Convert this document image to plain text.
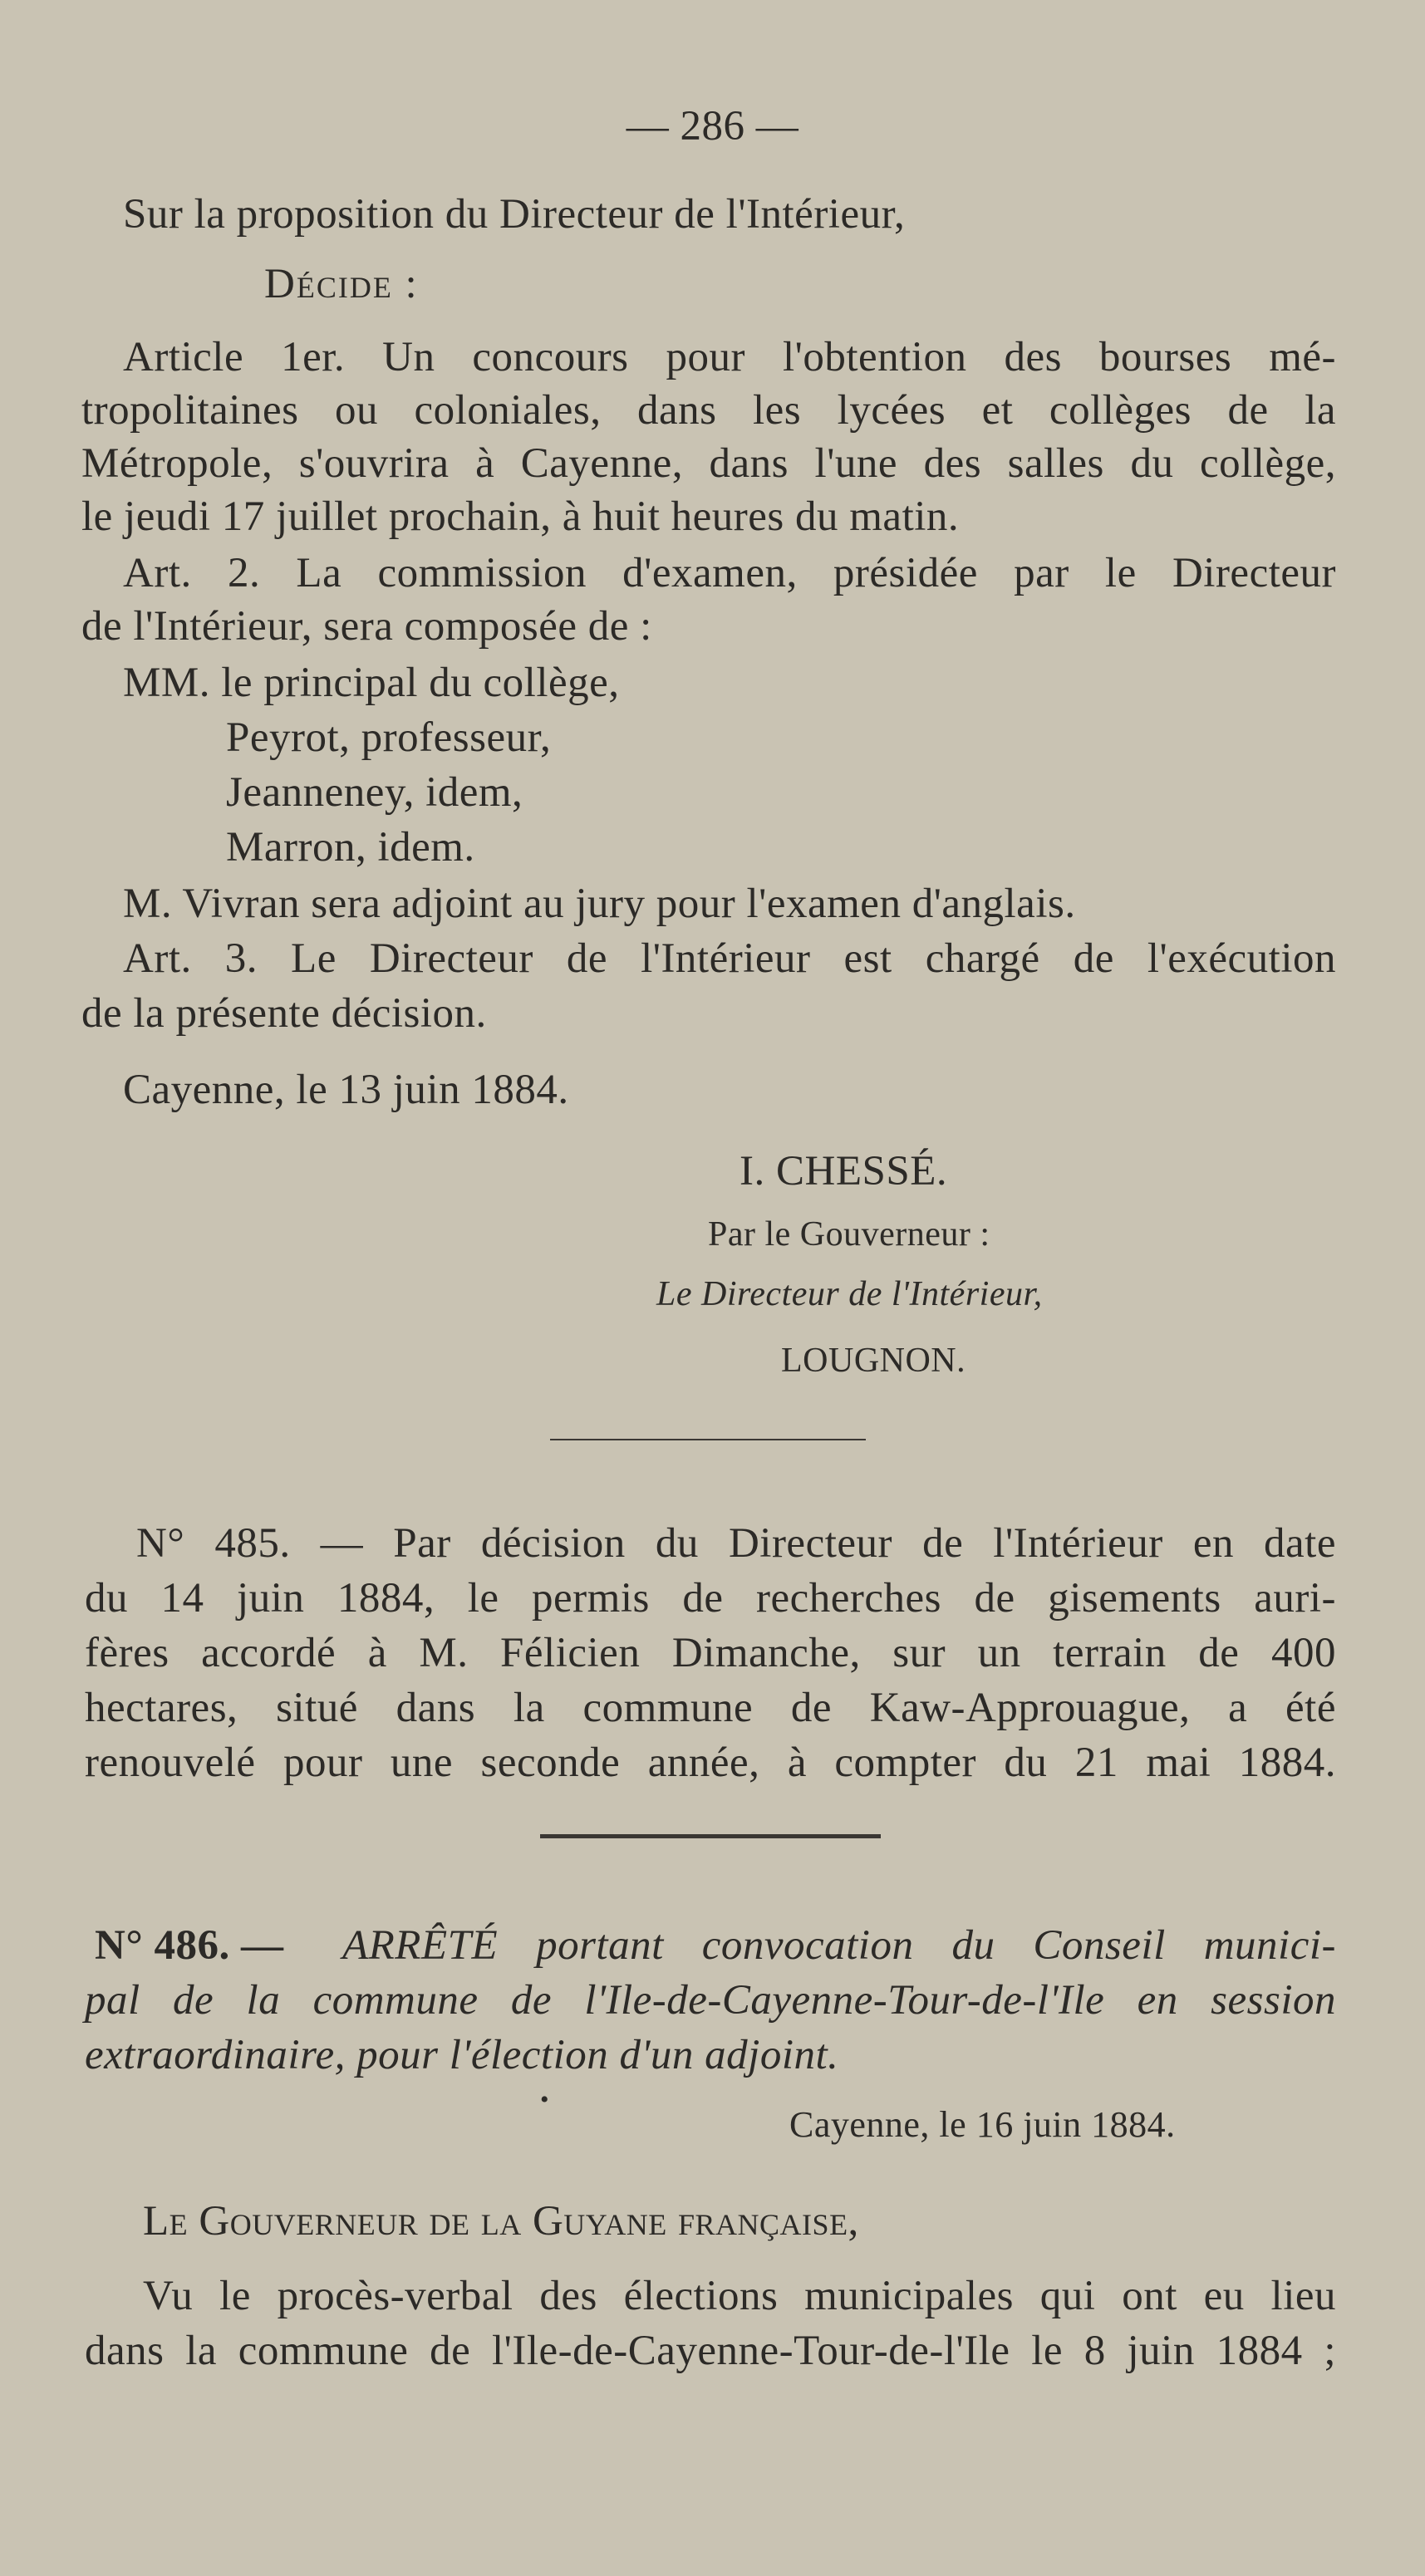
— 286 —
Sur la proposition du Directeur de l'Intérieur,
Décide :
Article 1er. Un concours pour l'obtention des bourses mé-
tropolitaines ou coloniales, dans les lycées et collèges de la
Métropole, s'ouvrira à Cayenne, dans l'une des salles du collège,
le jeudi 17 juillet prochain, à huit heures du matin.
Art. 2. La commission d'examen, présidée par le Directeur
de l'Intérieur, sera composée de :
MM. le principal du collège,
Peyrot, professeur,
Jeanneney, idem,
Marron, idem.
M. Vivran sera adjoint au jury pour l'examen d'anglais.
Art. 3. Le Directeur de l'Intérieur est chargé de l'exécution
de la présente décision.
Cayenne, le 13 juin 1884.
I. CHESSÉ.
Par le Gouverneur :
Le Directeur de l'Intérieur,
LOUGNON.
N° 485. — Par décision du Directeur de l'Intérieur en date
du 14 juin 1884, le permis de recherches de gisements auri-
fères accordé à M. Félicien Dimanche, sur un terrain de 400
hectares, situé dans la commune de Kaw-Approuague, a été
renouvelé pour une seconde année, à compter du 21 mai 1884.
N° 486. —	ARRÊTÉ portant convocation du Conseil munici-
pal de la commune de l'Ile-de-Cayenne-Tour-de-l'Ile en session
extraordinaire, pour l'élection d'un adjoint.
•
Cayenne, le 16 juin 1884.
Le Gouverneur de la Guyane française,
Vu le procès-verbal des élections municipales qui ont eu lieu
dans la commune de l'Ile-de-Cayenne-Tour-de-l'Ile le 8 juin 1884 ;
